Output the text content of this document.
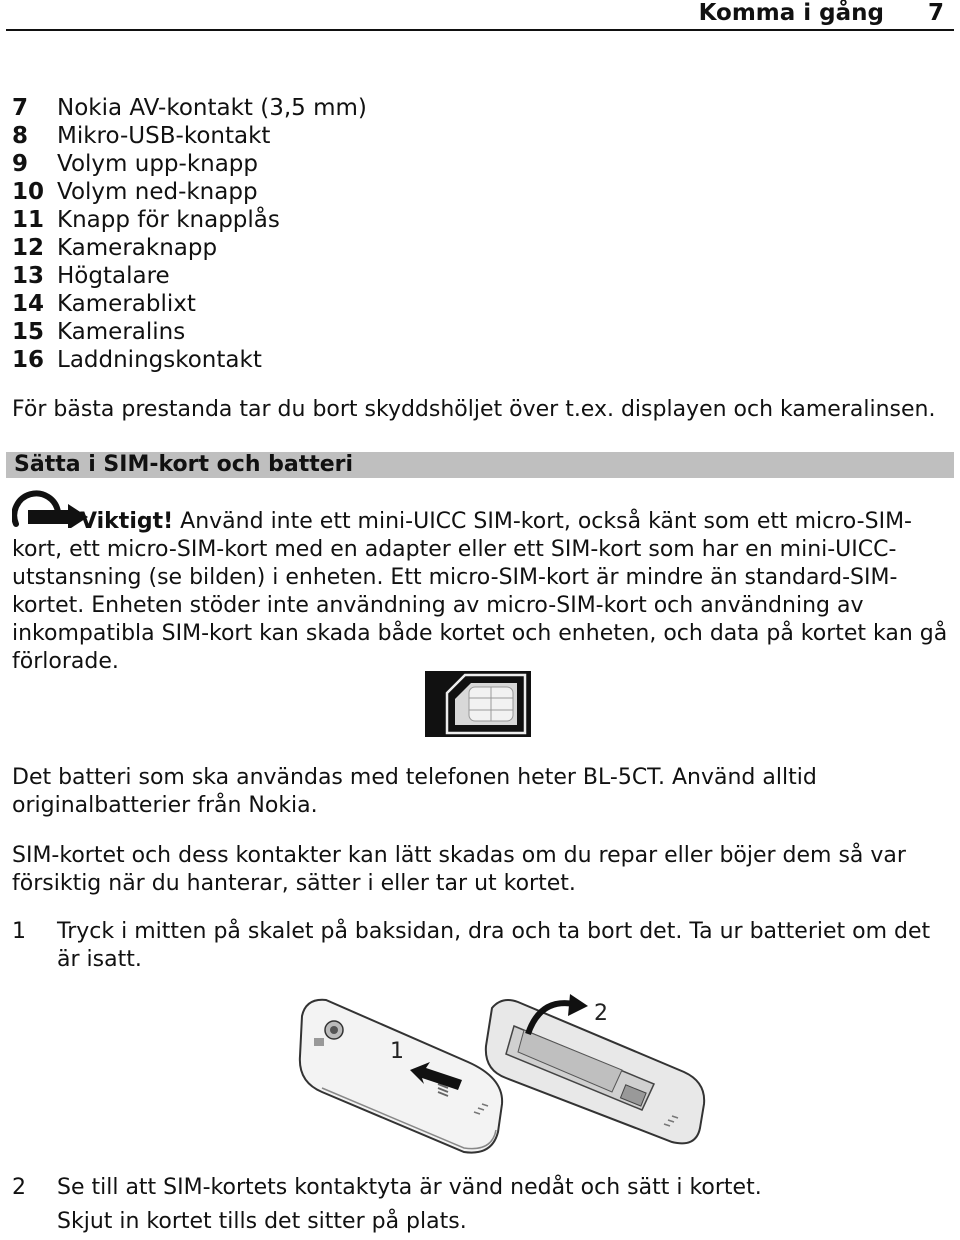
Komma i gång 7
7 Nokia AV-kontakt (3,5 mm)
8 Mikro-USB-kontakt
9 Volym upp-knapp
10 Volym ned-knapp
11 Knapp för knapplås
12 Kameraknapp
13 Högtalare
14 Kamerablixt
15 Kameralins
16 Laddningskontakt

För bästa prestanda tar du bort skyddshöljet över t.ex. displayen och kameralinsen.

Sätta i SIM-kort och batteri

Viktigt! Använd inte ett mini-UICC SIM-kort, också känt som ett micro-SIM-kort, ett micro-SIM-kort med en adapter eller ett SIM-kort som har en mini-UICC-utstansning (se bilden) i enheten. Ett micro-SIM-kort är mindre än standard-SIM-kortet. Enheten stöder inte användning av micro-SIM-kort och användning av inkompatibla SIM-kort kan skada både kortet och enheten, och data på kortet kan gå förlorade.

Det batteri som ska användas med telefonen heter BL-5CT. Använd alltid originalbatterier från Nokia.

SIM-kortet och dess kontakter kan lätt skadas om du repar eller böjer dem så var försiktig när du hanterar, sätter i eller tar ut kortet.

1 Tryck i mitten på skalet på baksidan, dra och ta bort det. Ta ur batteriet om det är isatt.
1
2
2 Se till att SIM-kortets kontaktyta är vänd nedåt och sätt i kortet.
Skjut in kortet tills det sitter på plats.
